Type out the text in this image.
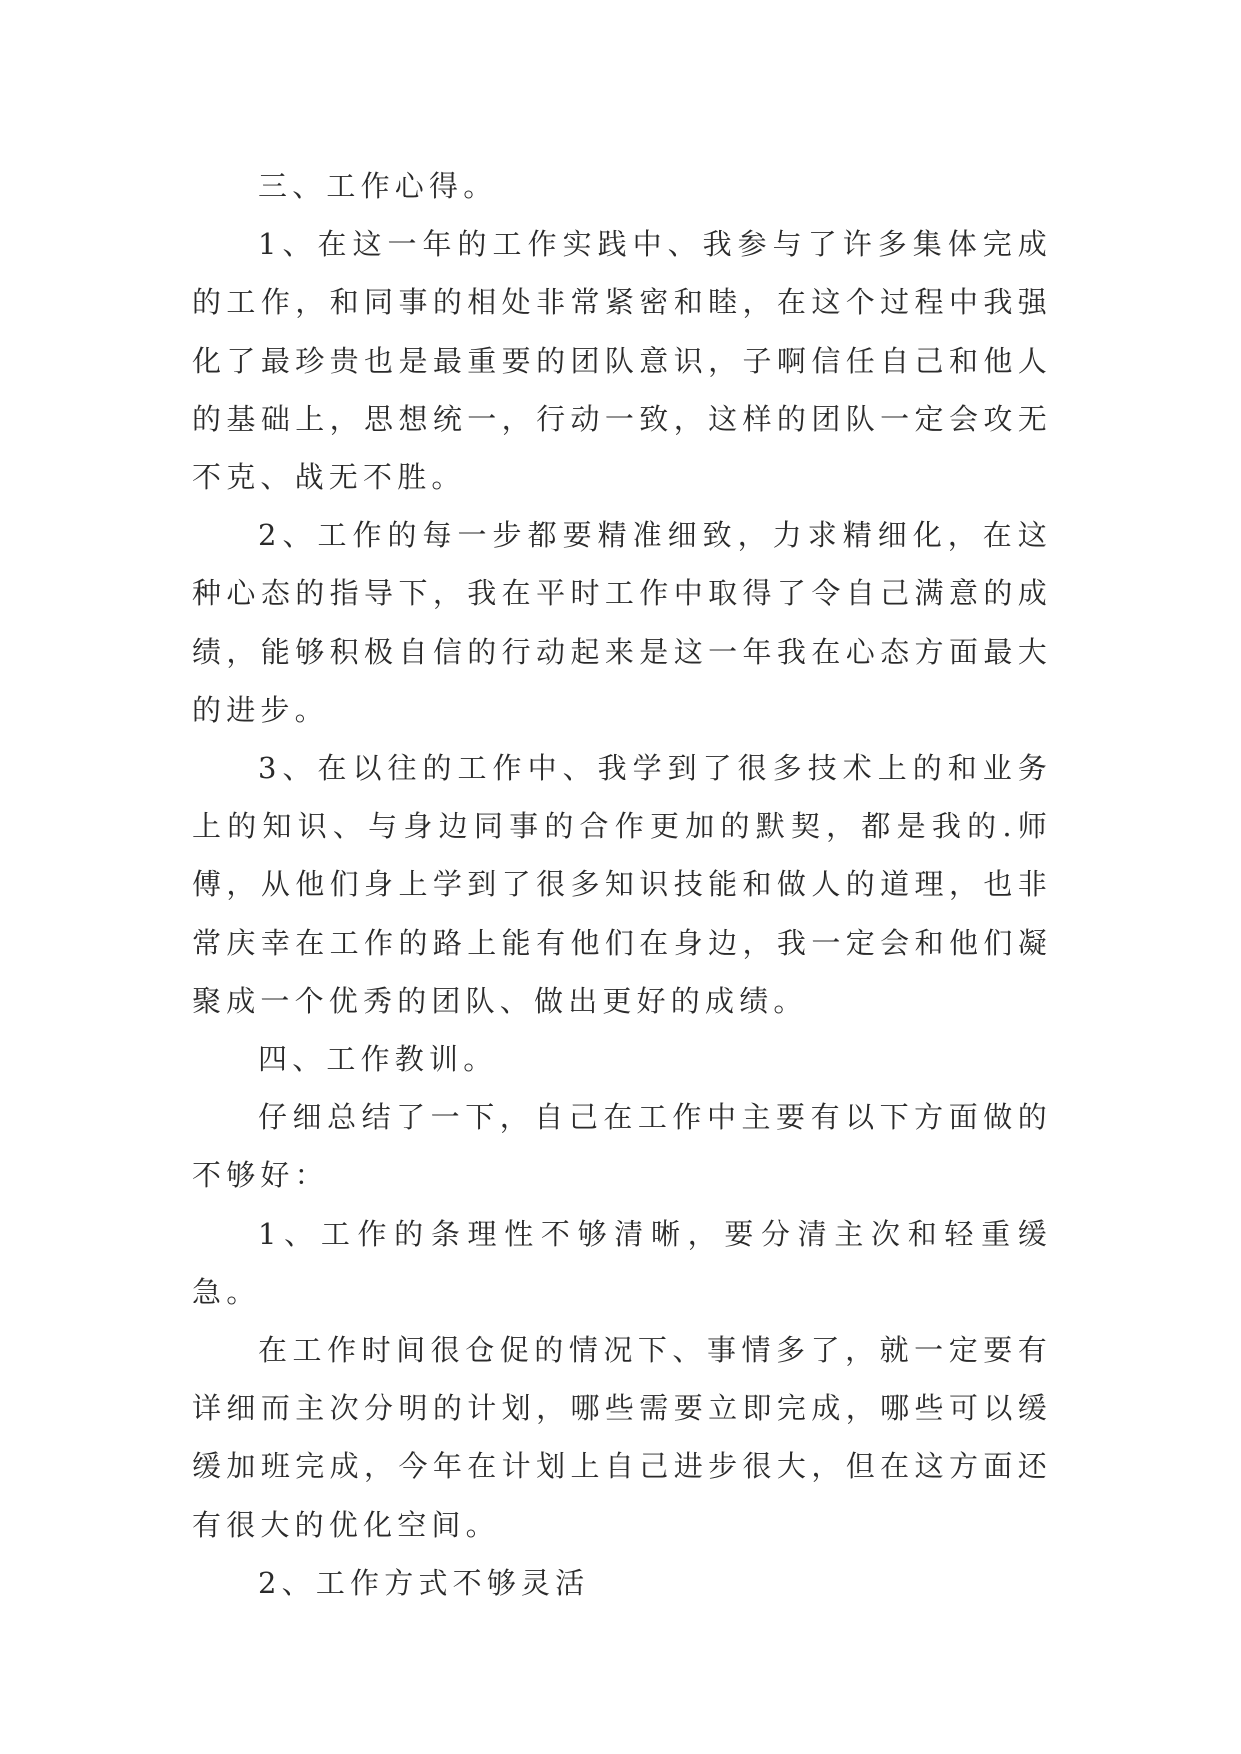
三、工作心得。

1、在这一年的工作实践中、我参与了许多集体完成的工作，和同事的相处非常紧密和睦，在这个过程中我强化了最珍贵也是最重要的团队意识，子啊信任自己和他人的基础上，思想统一，行动一致，这样的团队一定会攻无不克、战无不胜。

2、工作的每一步都要精准细致，力求精细化，在这种心态的指导下，我在平时工作中取得了令自己满意的成绩，能够积极自信的行动起来是这一年我在心态方面最大的进步。

3、在以往的工作中、我学到了很多技术上的和业务上的知识、与身边同事的合作更加的默契，都是我的.师傅，从他们身上学到了很多知识技能和做人的道理，也非常庆幸在工作的路上能有他们在身边，我一定会和他们凝聚成一个优秀的团队、做出更好的成绩。

四、工作教训。

仔细总结了一下，自己在工作中主要有以下方面做的不够好：

1、工作的条理性不够清晰，要分清主次和轻重缓急。

在工作时间很仓促的情况下、事情多了，就一定要有详细而主次分明的计划，哪些需要立即完成，哪些可以缓缓加班完成，今年在计划上自己进步很大，但在这方面还有很大的优化空间。

2、工作方式不够灵活
